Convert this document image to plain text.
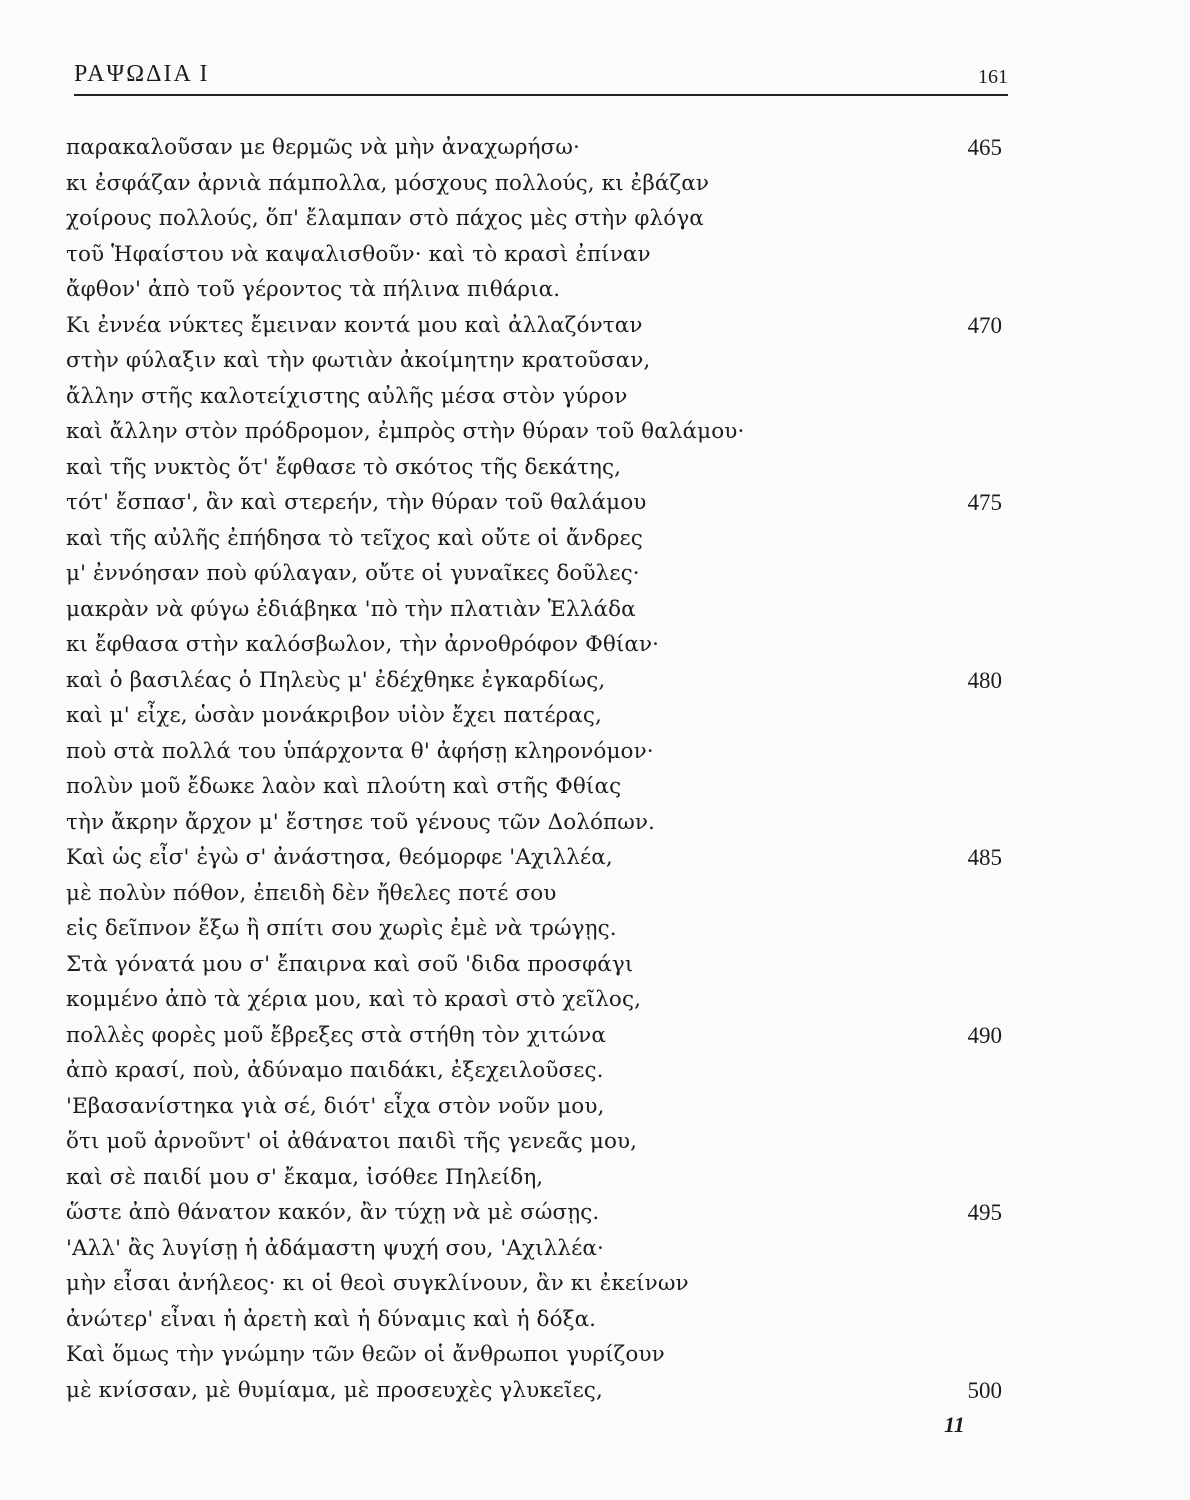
ΡΑΨΩΔΙΑ Ι	161
παρακαλοῦσαν με θερμῶς νὰ μὴν ἀναχωρήσω·	465
κι ἐσφάζαν ἀρνιὰ πάμπολλα, μόσχους πολλούς, κι ἐβάζαν
χοίρους πολλούς, ὅπ' ἔλαμπαν στὸ πάχος μὲς στὴν φλόγα
τοῦ Ἡφαίστου νὰ καψαλισθοῦν· καὶ τὸ κρασὶ ἐπίναν
ἄφθον' ἀπὸ τοῦ γέροντος τὰ πήλινα πιθάρια.
Κι ἐννέα νύκτες ἔμειναν κοντά μου καὶ ἀλλαζόνταν	470
στὴν φύλαξιν καὶ τὴν φωτιὰν ἀκοίμητην κρατοῦσαν,
ἄλλην στῆς καλοτείχιστης αὐλῆς μέσα στὸν γύρον
καὶ ἄλλην στὸν πρόδρομον, ἐμπρὸς στὴν θύραν τοῦ θαλάμου·
καὶ τῆς νυκτὸς ὅτ' ἔφθασε τὸ σκότος τῆς δεκάτης,
τότ' ἔσπασ', ἂν καὶ στερεήν, τὴν θύραν τοῦ θαλάμου	475
καὶ τῆς αὐλῆς ἐπήδησα τὸ τεῖχος καὶ οὔτε οἱ ἄνδρες
μ' ἐννόησαν ποὺ φύλαγαν, οὔτε οἱ γυναῖκες δοῦλες·
μακρὰν νὰ φύγω ἐδιάβηκα 'πὸ τὴν πλατιὰν Ἑλλάδα
κι ἔφθασα στὴν καλόσβωλον, τὴν ἀρνοθρόφον Φθίαν·
καὶ ὁ βασιλέας ὁ Πηλεὺς μ' ἐδέχθηκε ἐγκαρδίως,	480
καὶ μ' εἶχε, ὡσὰν μονάκριβον υἱὸν ἔχει πατέρας,
ποὺ στὰ πολλά του ὑπάρχοντα θ' ἀφήσῃ κληρονόμον·
πολὺν μοῦ ἔδωκε λαὸν καὶ πλούτη καὶ στῆς Φθίας
τὴν ἄκρην ἄρχον μ' ἔστησε τοῦ γένους τῶν Δολόπων.
Καὶ ὡς εἶσ' ἐγὼ σ' ἀνάστησα, θεόμορφε 'Αχιλλέα,	485
μὲ πολὺν πόθον, ἐπειδὴ δὲν ἤθελες ποτέ σου
εἰς δεῖπνον ἔξω ἢ σπίτι σου χωρὶς ἐμὲ νὰ τρώγῃς.
Στὰ γόνατά μου σ' ἔπαιρνα καὶ σοῦ 'διδα προσφάγι
κομμένο ἀπὸ τὰ χέρια μου, καὶ τὸ κρασὶ στὸ χεῖλος,
πολλὲς φορὲς μοῦ ἔβρεξες στὰ στήθη τὸν χιτώνα	490
ἀπὸ κρασί, ποὺ, ἀδύναμο παιδάκι, ἐξεχειλοῦσες.
'Εβασανίστηκα γιὰ σέ, διότ' εἶχα στὸν νοῦν μου,
ὅτι μοῦ ἀρνοῦντ' οἱ ἀθάνατοι παιδὶ τῆς γενεᾶς μου,
καὶ σὲ παιδί μου σ' ἔκαμα, ἰσόθεε Πηλείδη,
ὥστε ἀπὸ θάνατον κακόν, ἂν τύχῃ νὰ μὲ σώσῃς.	495
'Αλλ' ἂς λυγίσῃ ἡ ἀδάμαστη ψυχή σου, 'Αχιλλέα·
μὴν εἶσαι ἀνήλεος· κι οἱ θεοὶ συγκλίνουν, ἂν κι ἐκείνων
ἀνώτερ' εἶναι ἡ ἀρετὴ καὶ ἡ δύναμις καὶ ἡ δόξα.
Καὶ ὅμως τὴν γνώμην τῶν θεῶν οἱ ἄνθρωποι γυρίζουν
μὲ κνίσσαν, μὲ θυμίαμα, μὲ προσευχὲς γλυκεῖες,	500
11
